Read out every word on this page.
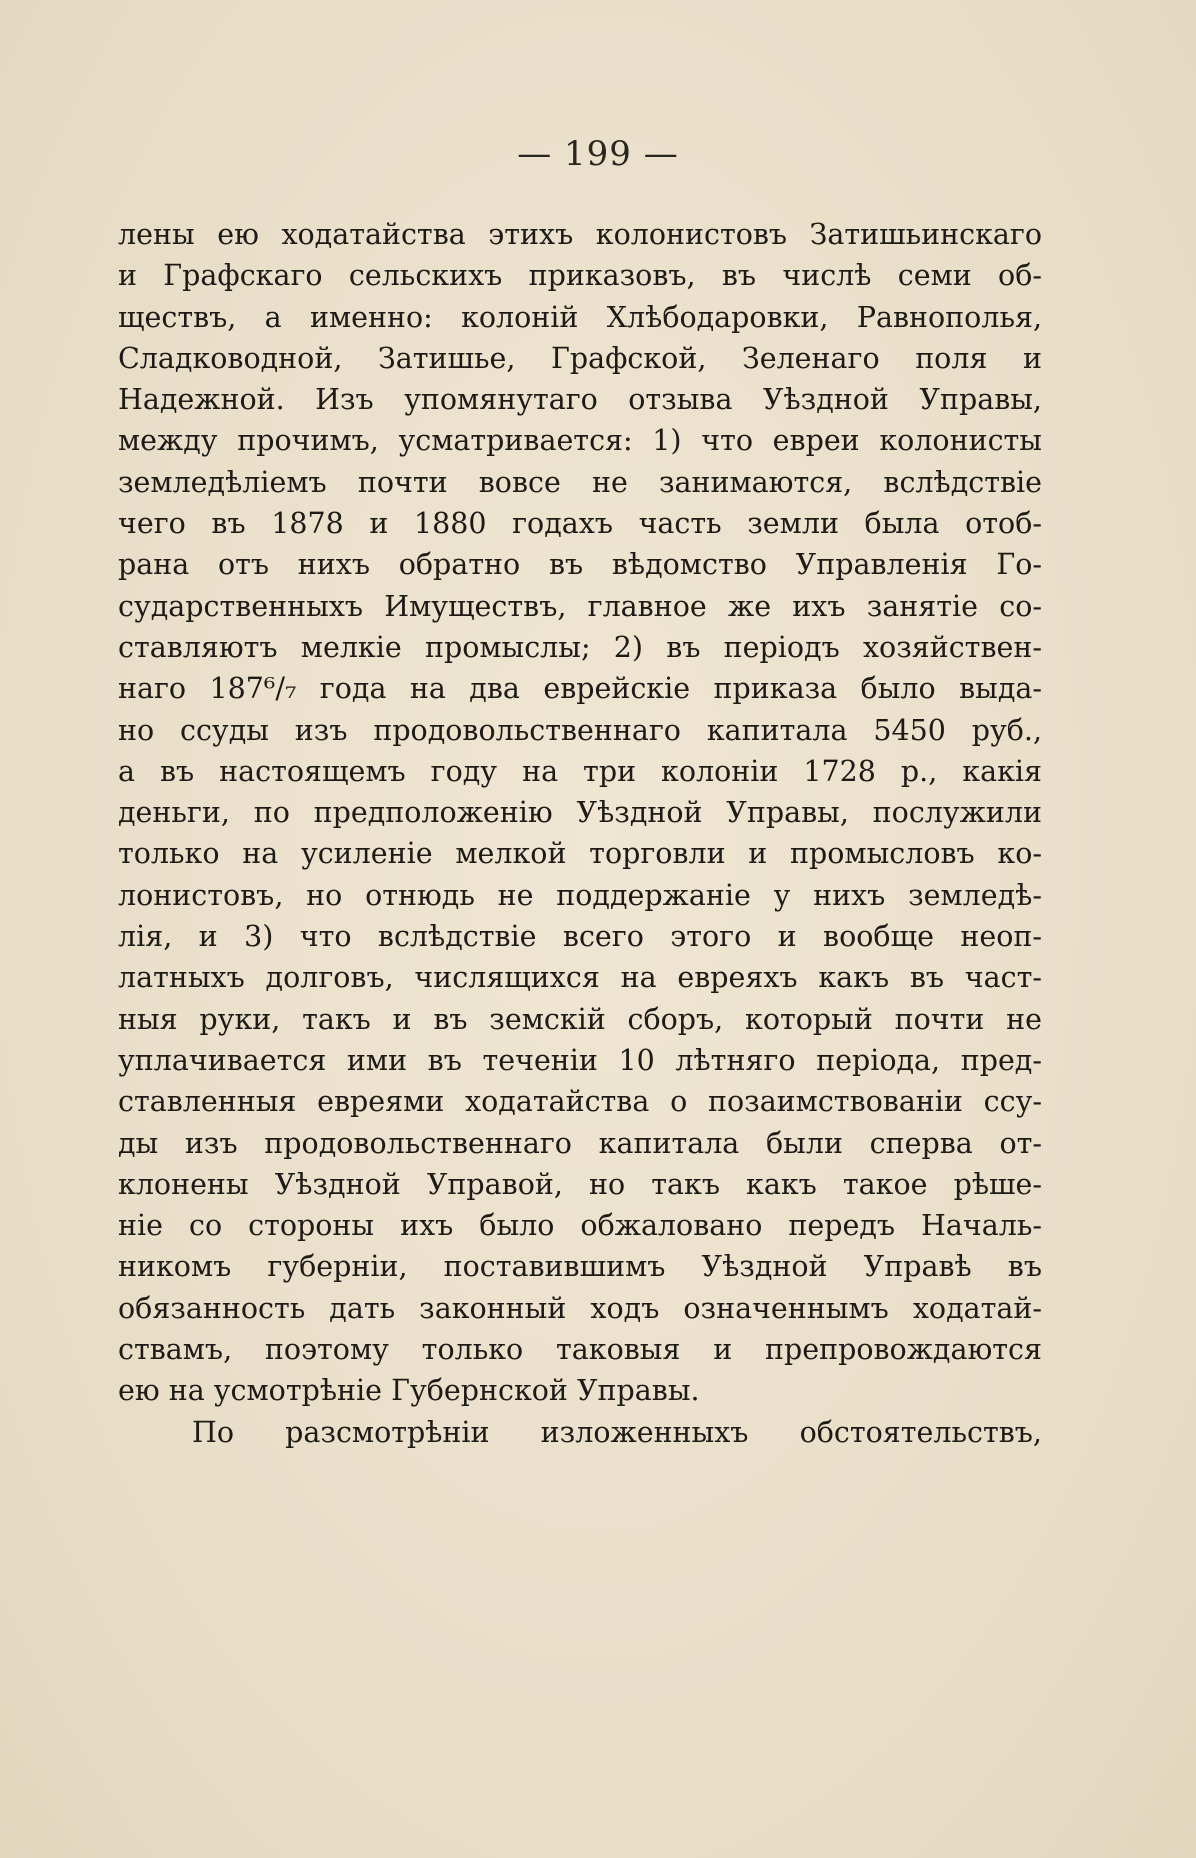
— 199 —
лены ею ходатайства этихъ колонистовъ Затишьинскаго
и Графскаго сельскихъ приказовъ, въ числѣ семи об-
ществъ, а именно: колоній Хлѣбодаровки, Равнополья,
Сладководной, Затишье, Графской, Зеленаго поля и
Надежной. Изъ упомянутаго отзыва Уѣздной Управы,
между прочимъ, усматривается: 1) что евреи колонисты
земледѣліемъ почти вовсе не занимаются, вслѣдствіе
чего въ 1878 и 1880 годахъ часть земли была отоб-
рана отъ нихъ обратно въ вѣдомство Управленія Го-
сударственныхъ Имуществъ, главное же ихъ занятіе со-
ставляютъ мелкіе промыслы; 2) въ періодъ хозяйствен-
наго 187⁶/₇ года на два еврейскіе приказа было выда-
но ссуды изъ продовольственнаго капитала 5450 руб.,
а въ настоящемъ году на три колоніи 1728 р., какія
деньги, по предположенію Уѣздной Управы, послужили
только на усиленіе мелкой торговли и промысловъ ко-
лонистовъ, но отнюдь не поддержаніе у нихъ земледѣ-
лія, и 3) что вслѣдствіе всего этого и вообще неоп-
латныхъ долговъ, числящихся на евреяхъ какъ въ част-
ныя руки, такъ и въ земскій сборъ, который почти не
уплачивается ими въ теченіи 10 лѣтняго періода, пред-
ставленныя евреями ходатайства о позаимствованіи ссу-
ды изъ продовольственнаго капитала были сперва от-
клонены Уѣздной Управой, но такъ какъ такое рѣше-
ніе со стороны ихъ было обжаловано передъ Началь-
никомъ губерніи, поставившимъ Уѣздной Управѣ въ
обязанность дать законный ходъ означеннымъ ходатай-
ствамъ, поэтому только таковыя и препровождаются
ею на усмотрѣніе Губернской Управы.
По разсмотрѣніи изложенныхъ обстоятельствъ,
